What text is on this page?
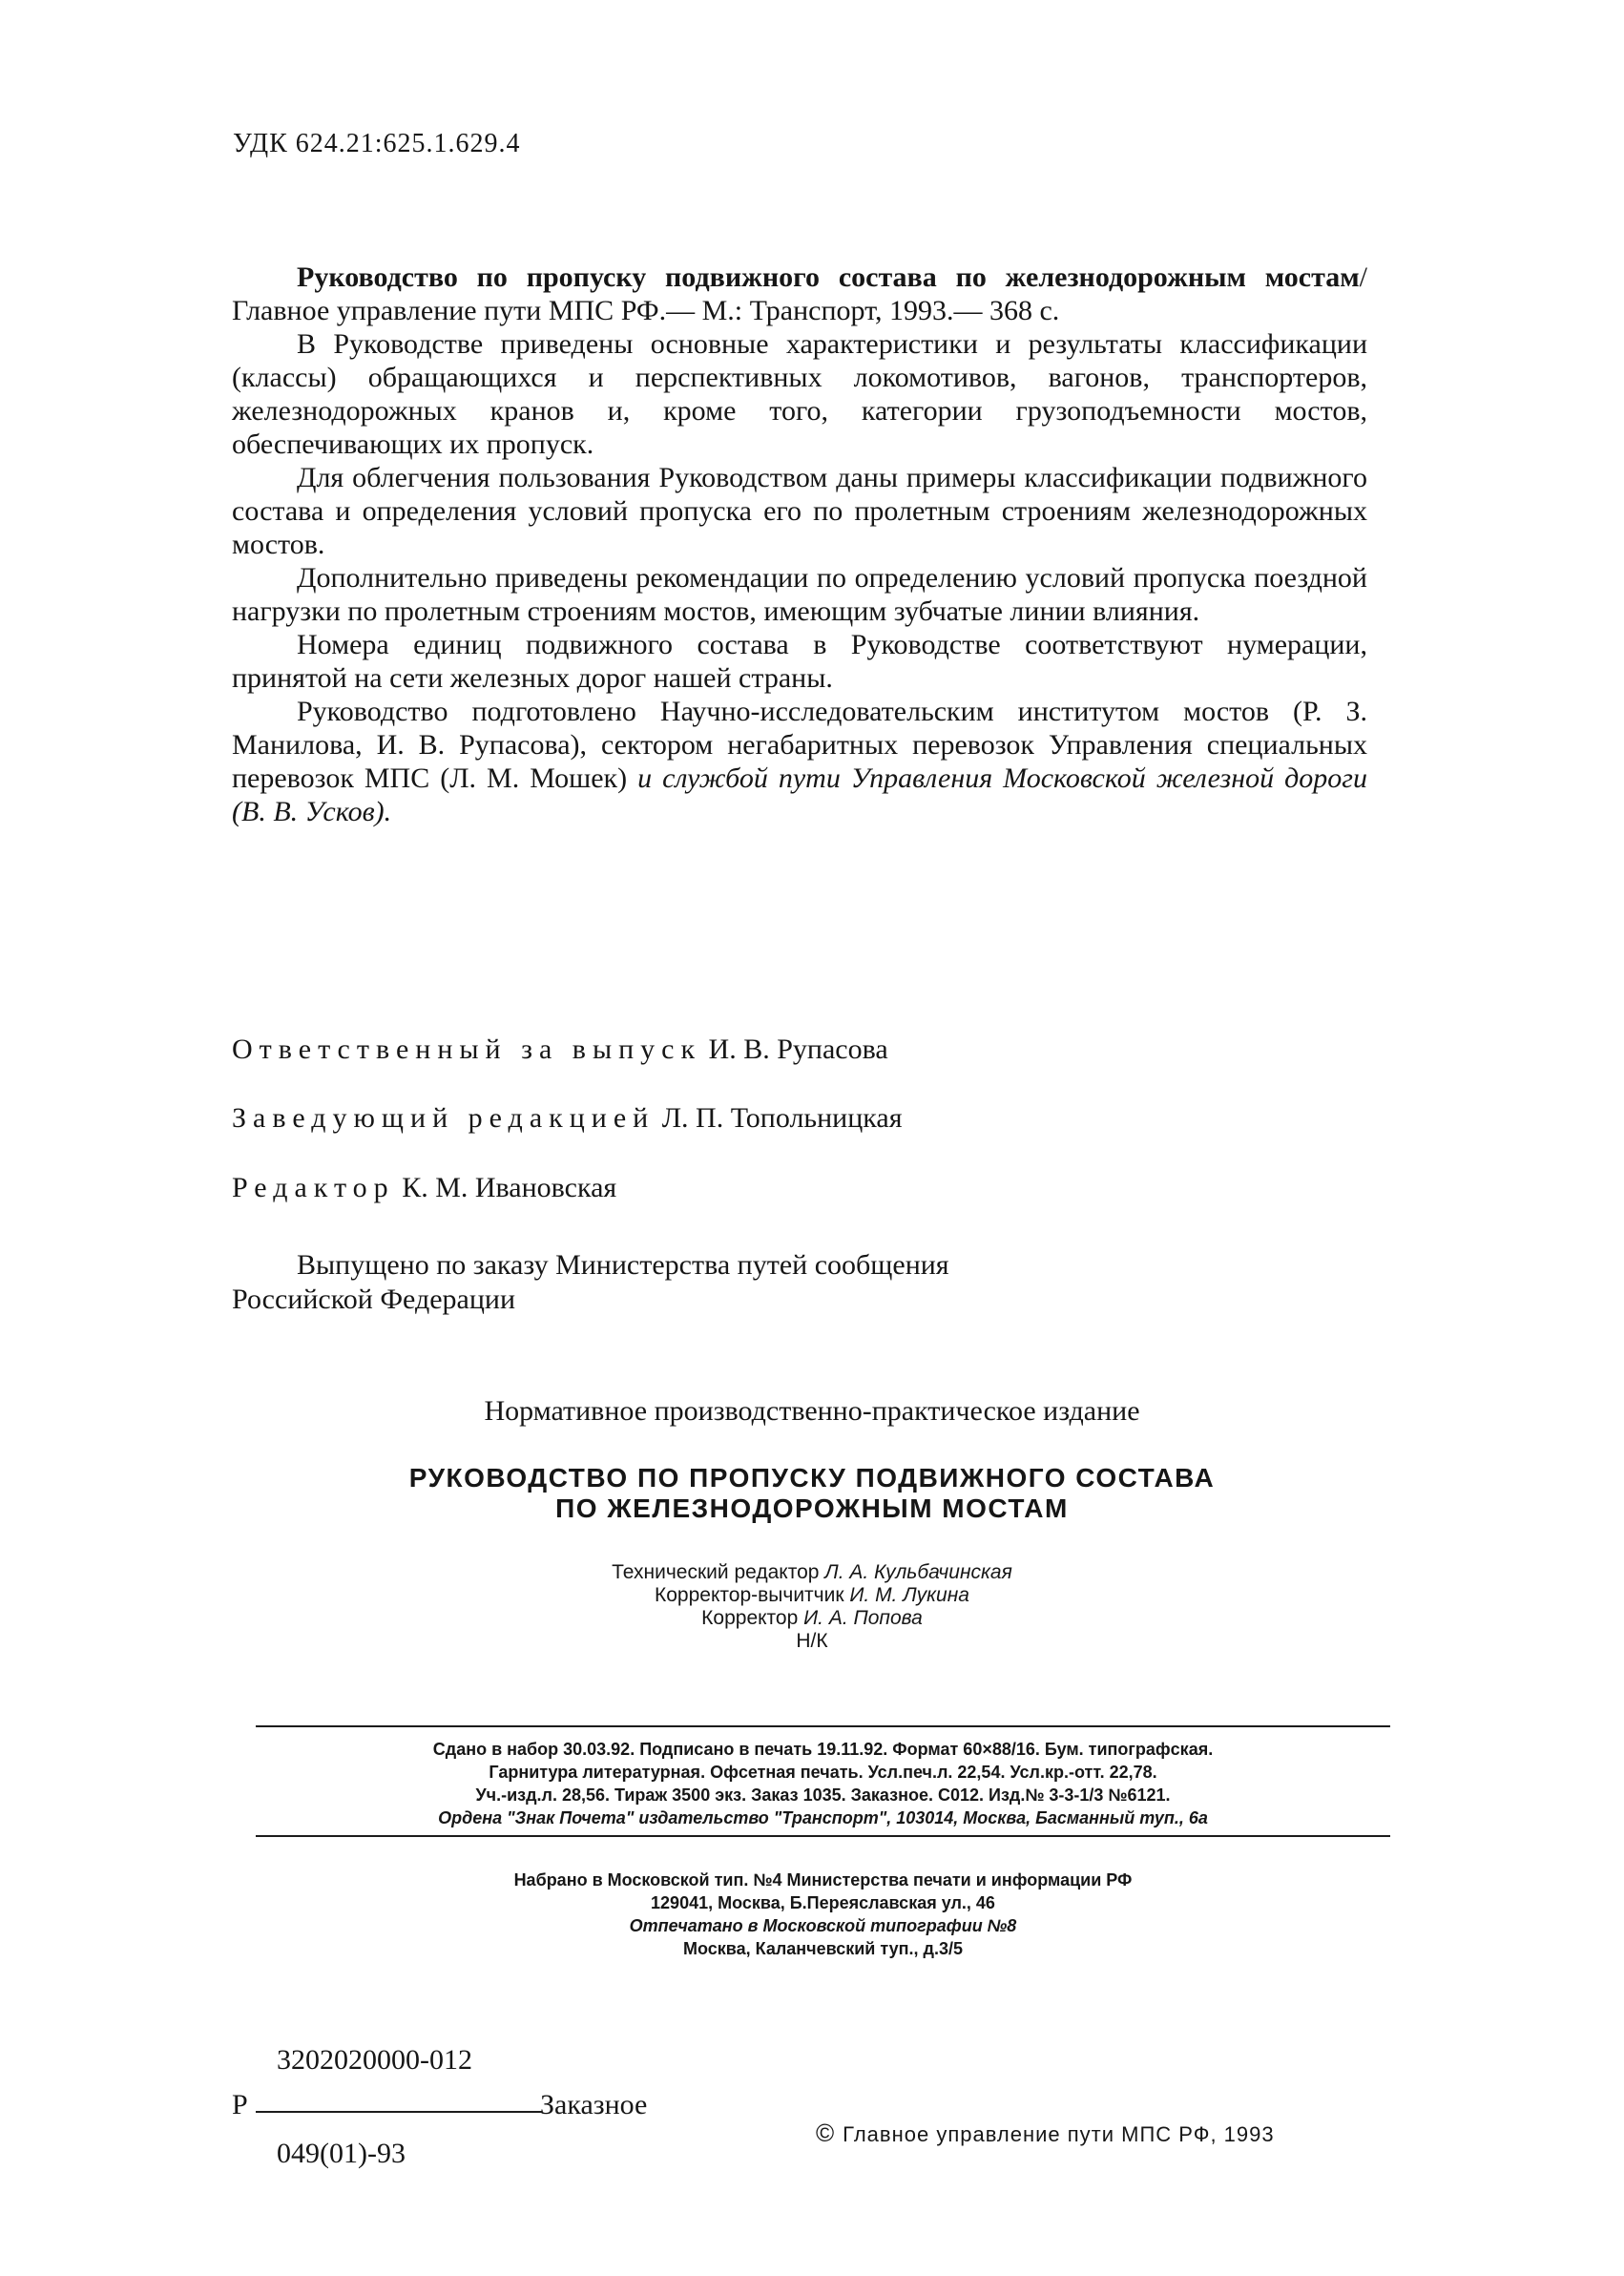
УДК 624.21:625.1.629.4

Руководство по пропуску подвижного состава по железнодорожным мостам/Главное управление пути МПС РФ.— М.: Транспорт, 1993.— 368 с.

В Руководстве приведены основные характеристики и результаты классификации (классы) обращающихся и перспективных локомотивов, вагонов, транспортеров, железнодорожных кранов и, кроме того, категории грузоподъемности мостов, обеспечивающих их пропуск.

Для облегчения пользования Руководством даны примеры классификации подвижного состава и определения условий пропуска его по пролетным строениям железнодорожных мостов.

Дополнительно приведены рекомендации по определению условий пропуска поездной нагрузки по пролетным строениям мостов, имеющим зубчатые линии влияния.

Номера единиц подвижного состава в Руководстве соответствуют нумерации, принятой на сети железных дорог нашей страны.

Руководство подготовлено Научно-исследовательским институтом мостов (Р. З. Манилова, И. В. Рупасова), сектором негабаритных перевозок Управления специальных перевозок МПС (Л. М. Мошек) и службой пути Управления Московской железной дороги (В. В. Усков).

Ответственный за выпуск И. В. Рупасова
Заведующий редакцией Л. П. Топольницкая
Редактор К. М. Ивановская
Выпущено по заказу Министерства путей сообщения
Российской Федерации
Нормативное производственно-практическое издание
РУКОВОДСТВО ПО ПРОПУСКУ ПОДВИЖНОГО СОСТАВА
ПО ЖЕЛЕЗНОДОРОЖНЫМ МОСТАМ
Технический редактор Л. А. Кульбачинская
Корректор-вычитчик И. М. Лукина
Корректор И. А. Попова
Н/К
Сдано в набор 30.03.92. Подписано в печать 19.11.92. Формат 60×88/16. Бум. типографская.
Гарнитура литературная. Офсетная печать. Усл.печ.л. 22,54. Усл.кр.-отт. 22,78.
Уч.-изд.л. 28,56. Тираж 3500 экз. Заказ 1035. Заказное. С012. Изд.№ 3-3-1/3 №6121.
Ордена "Знак Почета" издательство "Транспорт", 103014, Москва, Басманный туп., 6а
Набрано в Московской тип. №4 Министерства печати и информации РФ
129041, Москва, Б.Переяславская ул., 46
Отпечатано в Московской типографии №8
Москва, Каланчевский туп., д.3/5
3202020000-012
Р	Заказное
049(01)-93
© Главное управление пути МПС РФ, 1993
